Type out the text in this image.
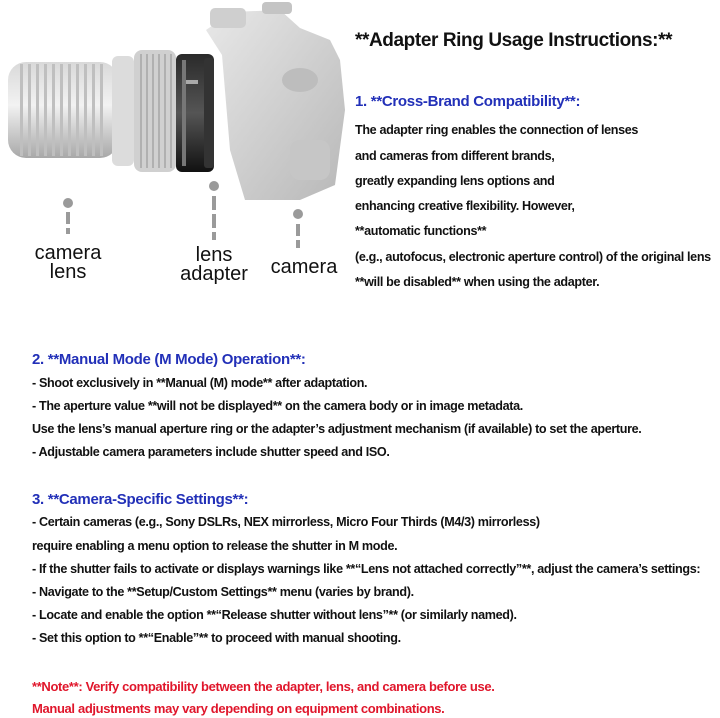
camera
lens
lens
adapter	camera
**Adapter Ring Usage Instructions:**
1. **Cross-Brand Compatibility**:
The adapter ring enables the connection of lenses
and cameras from different brands,
greatly expanding lens options and
enhancing creative flexibility. However,
**automatic functions**
(e.g., autofocus, electronic aperture control) of the original lens
**will be disabled** when using the adapter.
2. **Manual Mode (M Mode) Operation**:
- Shoot exclusively in **Manual (M) mode** after adaptation.
- The aperture value **will not be displayed** on the camera body or in image metadata.
Use the lens’s manual aperture ring or the adapter’s adjustment mechanism (if available) to set the aperture.
- Adjustable camera parameters include shutter speed and ISO.
3. **Camera-Specific Settings**:
- Certain cameras (e.g., Sony DSLRs, NEX mirrorless, Micro Four Thirds (M4/3) mirrorless)
require enabling a menu option to release the shutter in M mode.
- If the shutter fails to activate or displays warnings like **“Lens not attached correctly”**, adjust the camera’s settings:
- Navigate to the **Setup/Custom Settings** menu (varies by brand).
- Locate and enable the option **“Release shutter without lens”** (or similarly named).
- Set this option to **“Enable”** to proceed with manual shooting.
**Note**: Verify compatibility between the adapter, lens, and camera before use.
Manual adjustments may vary depending on equipment combinations.
